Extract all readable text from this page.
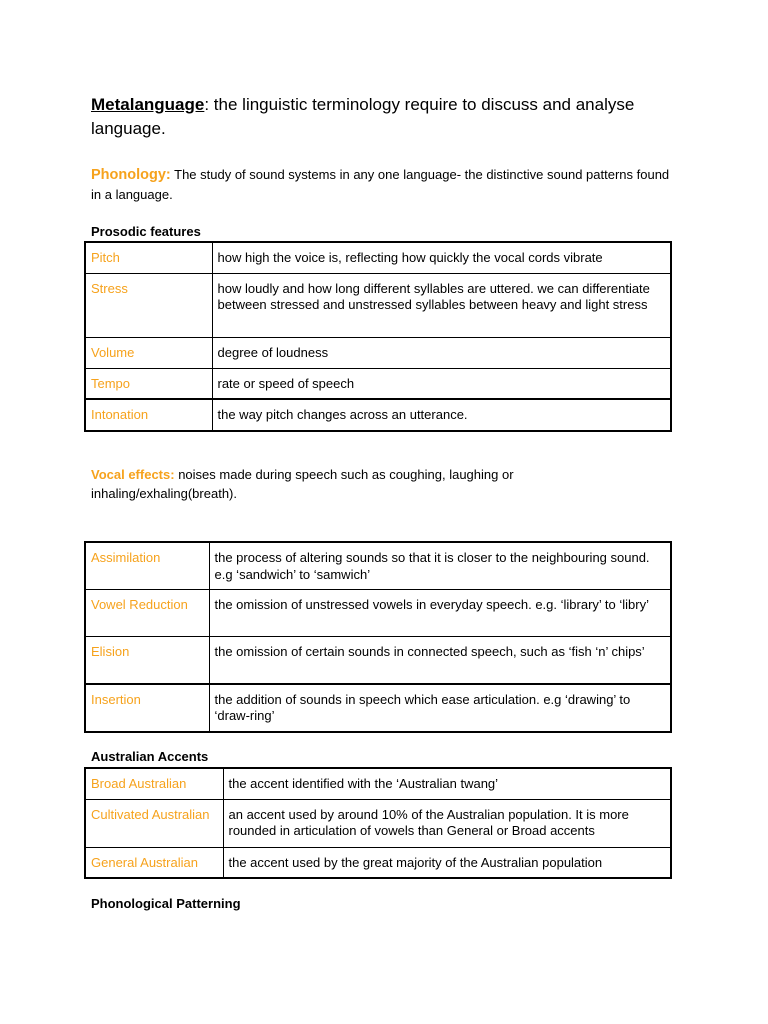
Metalanguage: the linguistic terminology require to discuss and analyse language.
Phonology: The study of sound systems in any one language- the distinctive sound patterns found in a language.
Prosodic features
Pitch	how high the voice is, reflecting how quickly the vocal cords vibrate
Stress	how loudly and how long different syllables are uttered. we can differentiate between stressed and unstressed syllables between heavy and light stress
Volume	degree of loudness
Tempo	rate or speed of speech
Intonation	the way pitch changes across an utterance.
Vocal effects: noises made during speech such as coughing, laughing or inhaling/exhaling(breath).
Assimilation	the process of altering sounds so that it is closer to the neighbouring sound. e.g ‘sandwich’ to ‘samwich’
Vowel Reduction	the omission of unstressed vowels in everyday speech. e.g. ‘library’ to ‘libry’
Elision	the omission of certain sounds in connected speech, such as ‘fish ‘n’ chips’
Insertion	the addition of sounds in speech which ease articulation. e.g ‘drawing’ to ‘draw-ring’
Australian Accents
Broad Australian	the accent identified with the ‘Australian twang’
Cultivated Australian	an accent used by around 10% of the Australian population. It is more rounded in articulation of vowels than General or Broad accents
General Australian	the accent used by the great majority of the Australian population
Phonological Patterning
